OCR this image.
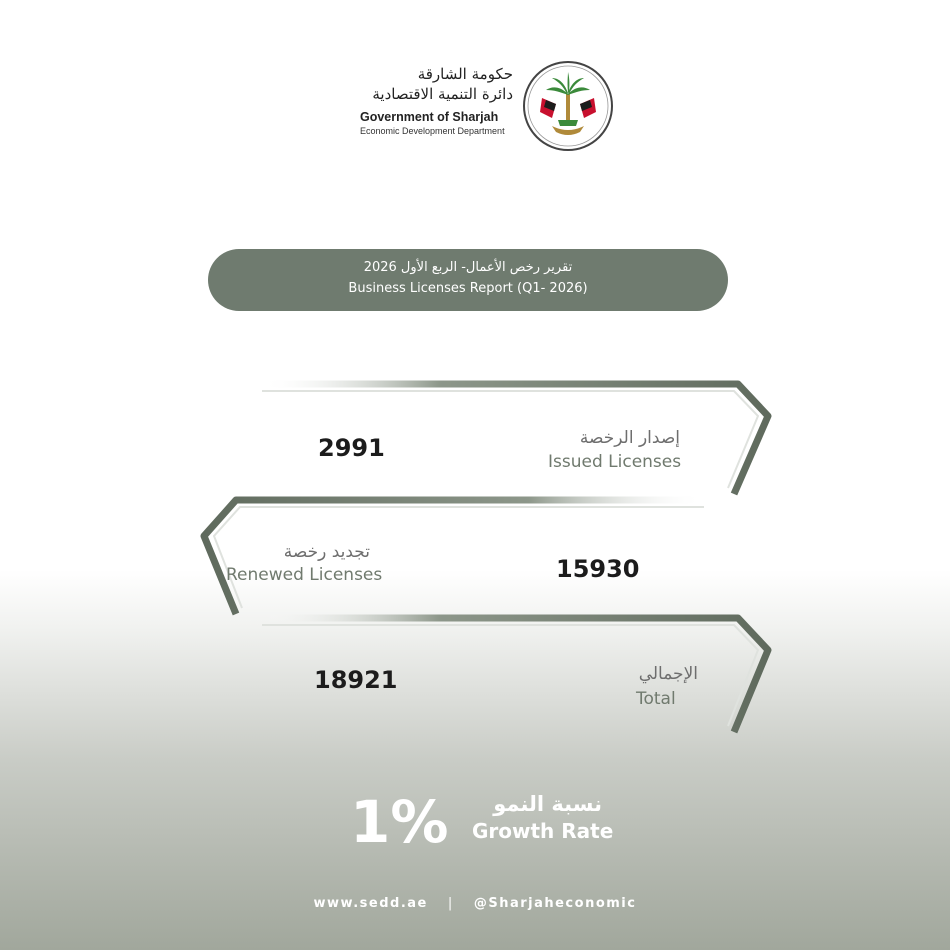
حكومة الشارقة
دائرة التنمية الاقتصادية
Government of Sharjah
Economic Development Department
تقرير رخص الأعمال- الربع الأول 2026
Business Licenses Report (Q1- 2026)
2991	إصدار الرخصة
Issued Licenses
تجديد رخصة
Renewed Licenses	15930
18921	الإجمالي
Total
1%	نسبة النمو
Growth Rate
www.sedd.ae | @Sharjaheconomic
